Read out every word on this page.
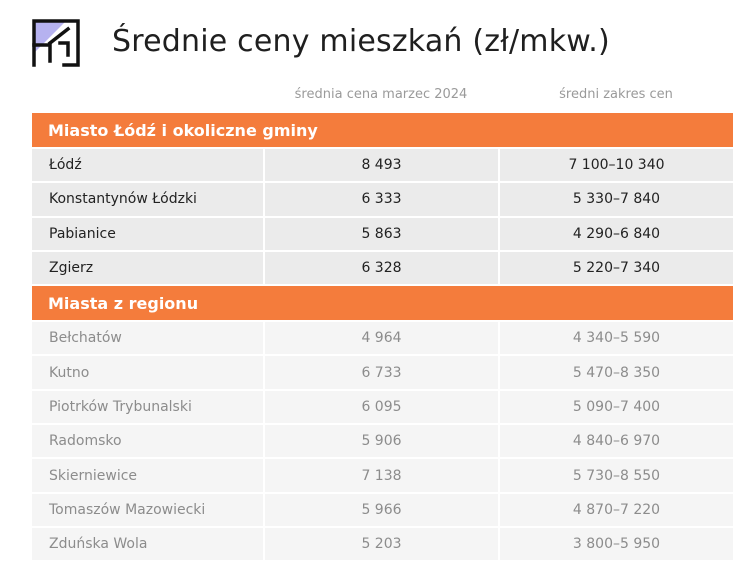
Średnie ceny mieszkań (zł/mkw.)
średnia cena marzec 2024	średni zakres cen
Miasto Łódź i okoliczne gminy
Łódź	8 493	7 100–10 340
Konstantynów Łódzki	6 333	5 330–7 840
Pabianice	5 863	4 290–6 840
Zgierz	6 328	5 220–7 340
Miasta z regionu
Bełchatów	4 964	4 340–5 590
Kutno	6 733	5 470–8 350
Piotrków Trybunalski	6 095	5 090–7 400
Radomsko	5 906	4 840–6 970
Skierniewice	7 138	5 730–8 550
Tomaszów Mazowiecki	5 966	4 870–7 220
Zduńska Wola	5 203	3 800–5 950
